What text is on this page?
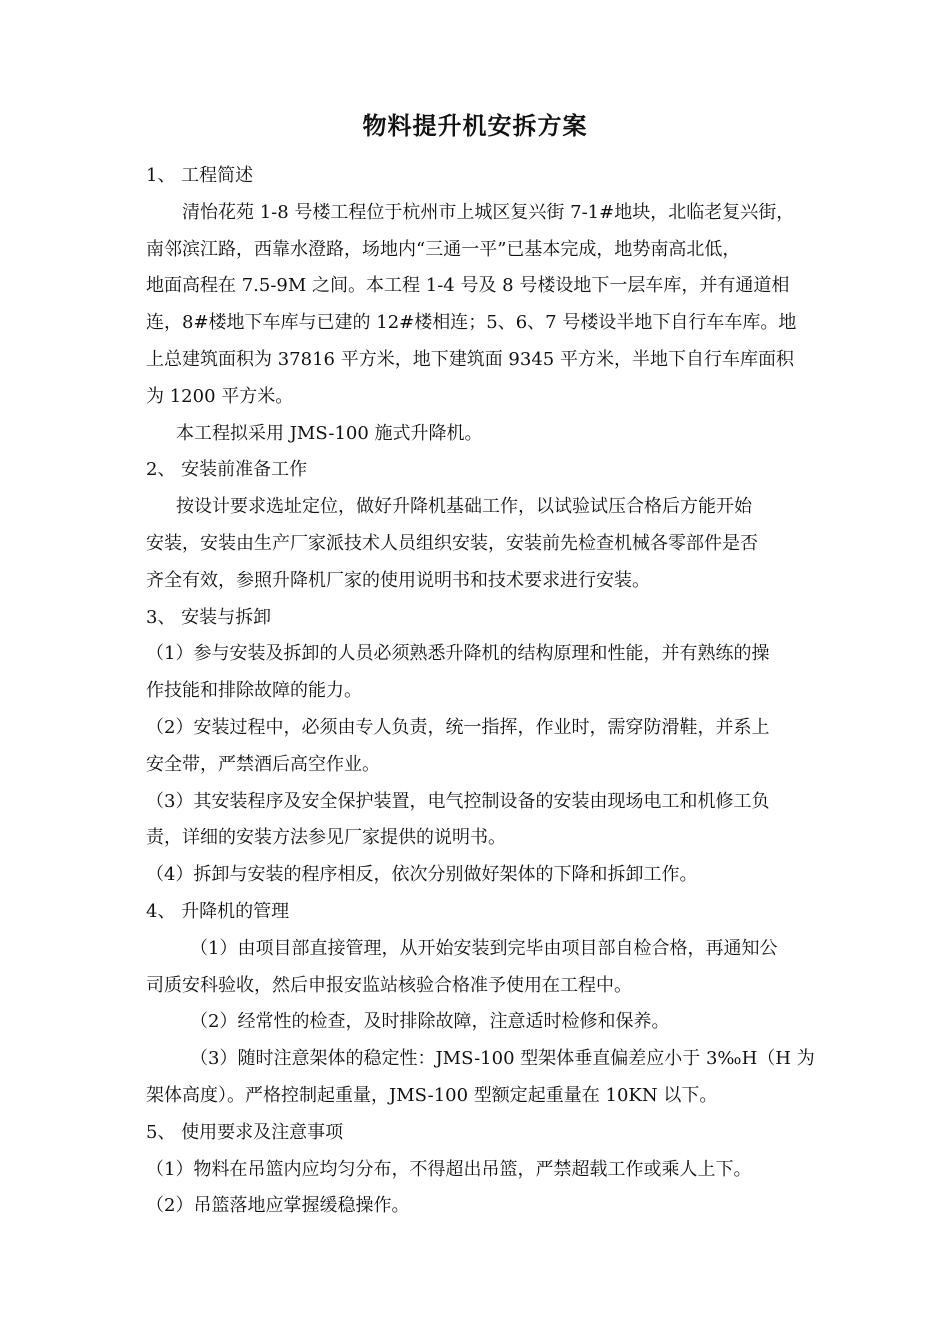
物料提升机安拆方案
1、 工程简述
清怡花苑 1-8 号楼工程位于杭州市上城区复兴街 7-1#地块，北临老复兴街，
南邻滨江路，西靠水澄路，场地内“三通一平”已基本完成，地势南高北低，
地面高程在 7.5-9M 之间。本工程 1-4 号及 8 号楼设地下一层车库，并有通道相
连，8#楼地下车库与已建的 12#楼相连；5、6、7 号楼设半地下自行车车库。地
上总建筑面积为 37816 平方米，地下建筑面 9345 平方米，半地下自行车库面积
为 1200 平方米。
本工程拟采用 JMS-100 施式升降机。
2、 安装前准备工作
按设计要求选址定位，做好升降机基础工作，以试验试压合格后方能开始
安装，安装由生产厂家派技术人员组织安装，安装前先检查机械各零部件是否
齐全有效，参照升降机厂家的使用说明书和技术要求进行安装。
3、 安装与拆卸
（1）参与安装及拆卸的人员必须熟悉升降机的结构原理和性能，并有熟练的操
作技能和排除故障的能力。
（2）安装过程中，必须由专人负责，统一指挥，作业时，需穿防滑鞋，并系上
安全带，严禁酒后高空作业。
（3）其安装程序及安全保护装置，电气控制设备的安装由现场电工和机修工负
责，详细的安装方法参见厂家提供的说明书。
（4）拆卸与安装的程序相反，依次分别做好架体的下降和拆卸工作。
4、 升降机的管理
（1）由项目部直接管理，从开始安装到完毕由项目部自检合格，再通知公
司质安科验收，然后申报安监站核验合格准予使用在工程中。
（2）经常性的检查，及时排除故障，注意适时检修和保养。
（3）随时注意架体的稳定性：JMS-100 型架体垂直偏差应小于 3‰H（H 为
架体高度）。严格控制起重量，JMS-100 型额定起重量在 10KN 以下。
5、 使用要求及注意事项
（1）物料在吊篮内应均匀分布，不得超出吊篮，严禁超载工作或乘人上下。
（2）吊篮落地应掌握缓稳操作。
